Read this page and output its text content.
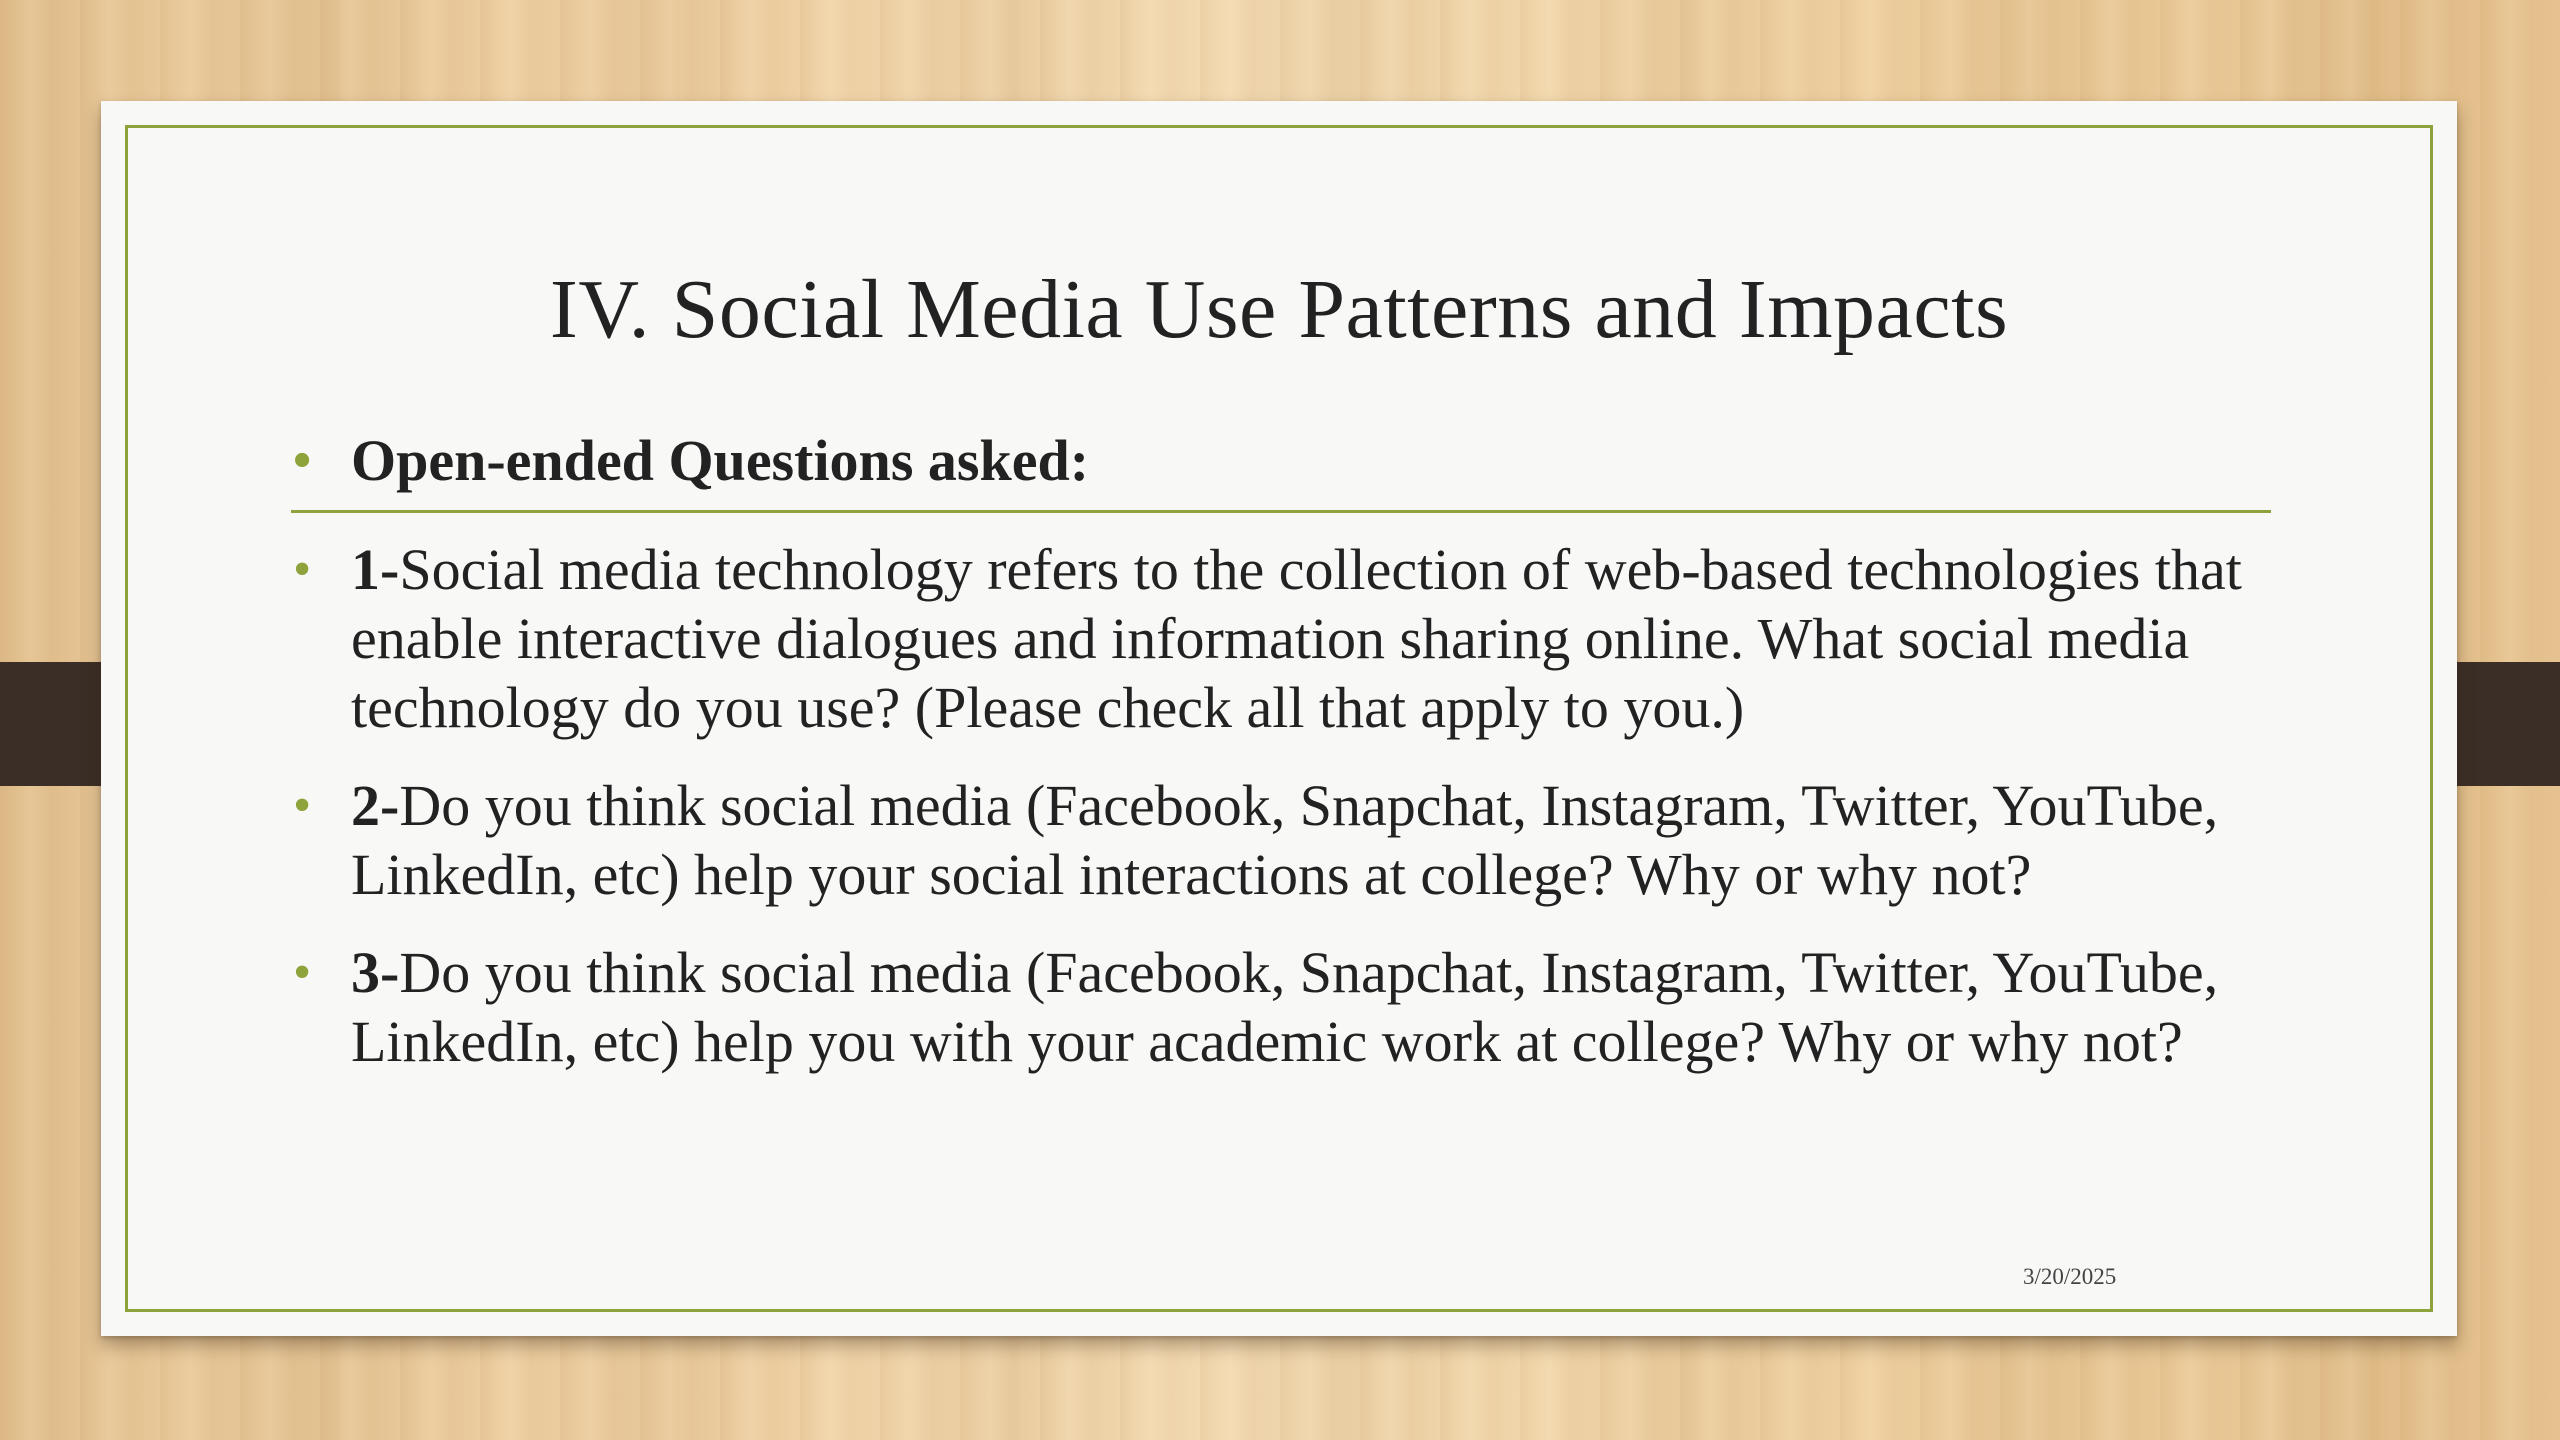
IV. Social Media Use Patterns and Impacts
• Open-ended Questions asked:
• 1-Social media technology refers to the collection of web-based technologies that enable interactive dialogues and information sharing online. What social media technology do you use? (Please check all that apply to you.)
• 2-Do you think social media (Facebook, Snapchat, Instagram, Twitter, YouTube, LinkedIn, etc) help your social interactions at college? Why or why not?
• 3-Do you think social media (Facebook, Snapchat, Instagram, Twitter, YouTube, LinkedIn, etc) help you with your academic work at college? Why or why not?
3/20/2025
